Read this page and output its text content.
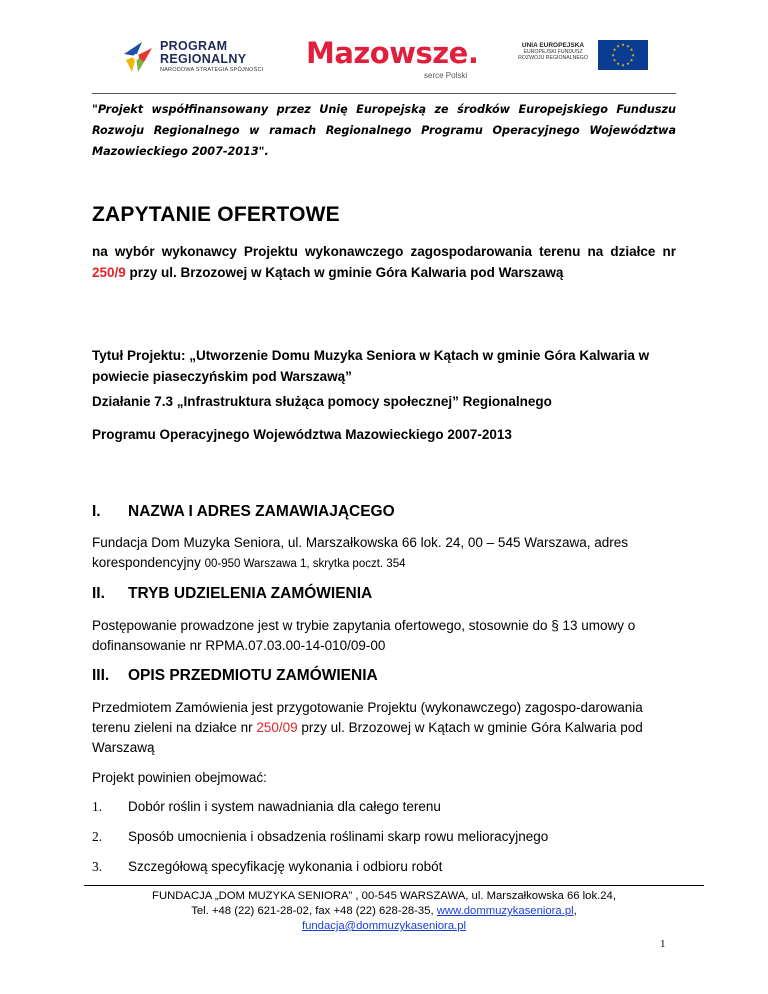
PROGRAM
REGIONALNY
NARODOWA STRATEGIA SPÓJNOŚCI Mazowsze.
serce Polski
UNIA EUROPEJSKA
EUROPEJSKI FUNDUSZ
ROZWOJU REGIONALNEGO
★ ★
★
★
★
★
★
★
★
★
★
★
"Projekt współfinansowany przez Unię Europejską ze środków Europejskiego Funduszu Rozwoju Regionalnego w ramach Regionalnego Programu Operacyjnego Województwa Mazowieckiego 2007-2013".
ZAPYTANIE OFERTOWE
na wybór wykonawcy Projektu wykonawczego zagospodarowania terenu na działce nr 250/9 przy ul. Brzozowej w Kątach w gminie Góra Kalwaria pod Warszawą
Tytuł Projektu: „Utworzenie Domu Muzyka Seniora w Kątach w gminie Góra Kalwaria w powiecie piaseczyńskim pod Warszawą”
Działanie 7.3 „Infrastruktura służąca pomocy społecznej” Regionalnego
Programu Operacyjnego Województwa Mazowieckiego 2007-2013
I. NAZWA I ADRES ZAMAWIAJĄCEGO
Fundacja Dom Muzyka Seniora, ul. Marszałkowska 66 lok. 24, 00 – 545 Warszawa, adres korespondencyjny 00-950 Warszawa 1, skrytka poczt. 354
II. TRYB UDZIELENIA ZAMÓWIENIA
Postępowanie prowadzone jest w trybie zapytania ofertowego, stosownie do § 13 umowy o dofinansowanie nr RPMA.07.03.00-14-010/09-00
III. OPIS PRZEDMIOTU ZAMÓWIENIA
Przedmiotem Zamówienia jest przygotowanie Projektu (wykonawczego) zagospo-darowania terenu zieleni na działce nr 250/09 przy ul. Brzozowej w Kątach w gminie Góra Kalwaria pod Warszawą
Projekt powinien obejmować:
1. Dobór roślin i system nawadniania dla całego terenu
2. Sposób umocnienia i obsadzenia roślinami skarp rowu melioracyjnego
3. Szczegółową specyfikację wykonania i odbioru robót
FUNDACJA „DOM MUZYKA SENIORA” , 00-545 WARSZAWA, ul. Marszałkowska 66 lok.24,
Tel. +48 (22) 621-28-02, fax +48 (22) 628-28-35, www.dommuzykaseniora.pl,
fundacja@dommuzykaseniora.pl
1
